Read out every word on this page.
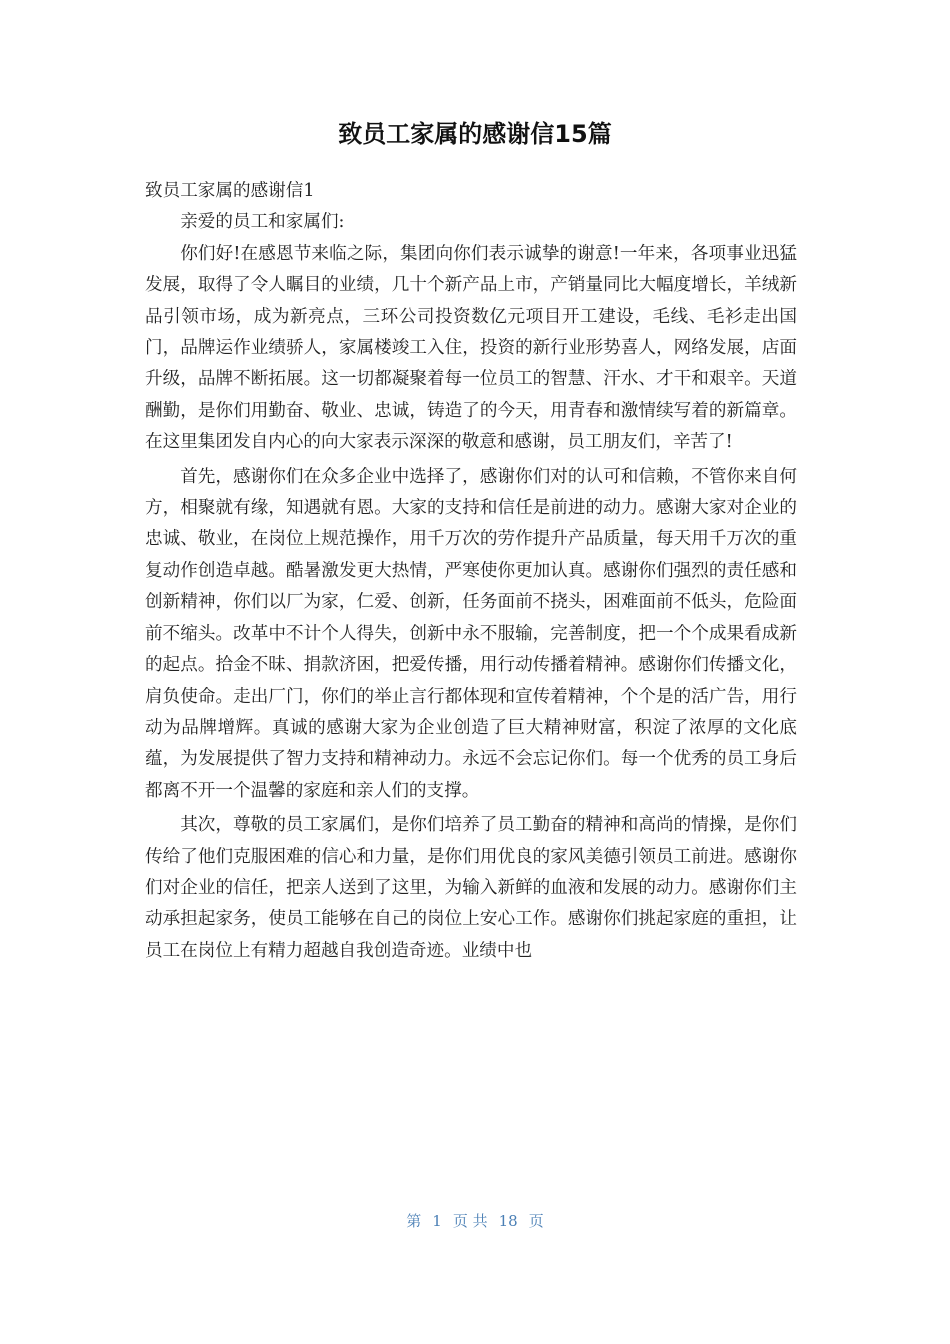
致员工家属的感谢信15篇

致员工家属的感谢信1

亲爱的员工和家属们:

你们好!在感恩节来临之际，集团向你们表示诚挚的谢意!一年来，各项事业迅猛发展，取得了令人瞩目的业绩，几十个新产品上市，产销量同比大幅度增长，羊绒新品引领市场，成为新亮点，三环公司投资数亿元项目开工建设，毛线、毛衫走出国门，品牌运作业绩骄人，家属楼竣工入住，投资的新行业形势喜人，网络发展，店面升级，品牌不断拓展。这一切都凝聚着每一位员工的智慧、汗水、才干和艰辛。天道酬勤，是你们用勤奋、敬业、忠诚，铸造了的今天，用青春和激情续写着的新篇章。在这里集团发自内心的向大家表示深深的敬意和感谢，员工朋友们，辛苦了!

首先，感谢你们在众多企业中选择了，感谢你们对的认可和信赖，不管你来自何方，相聚就有缘，知遇就有恩。大家的支持和信任是前进的动力。感谢大家对企业的忠诚、敬业，在岗位上规范操作，用千万次的劳作提升产品质量，每天用千万次的重复动作创造卓越。酷暑激发更大热情，严寒使你更加认真。感谢你们强烈的责任感和创新精神，你们以厂为家，仁爱、创新，任务面前不挠头，困难面前不低头，危险面前不缩头。改革中不计个人得失，创新中永不服输，完善制度，把一个个成果看成新的起点。拾金不昧、捐款济困，把爱传播，用行动传播着精神。感谢你们传播文化，肩负使命。走出厂门，你们的举止言行都体现和宣传着精神，个个是的活广告，用行动为品牌增辉。真诚的感谢大家为企业创造了巨大精神财富，积淀了浓厚的文化底蕴，为发展提供了智力支持和精神动力。永远不会忘记你们。每一个优秀的员工身后都离不开一个温馨的家庭和亲人们的支撑。

其次，尊敬的员工家属们，是你们培养了员工勤奋的精神和高尚的情操，是你们传给了他们克服困难的信心和力量，是你们用优良的家风美德引领员工前进。感谢你们对企业的信任，把亲人送到了这里，为输入新鲜的血液和发展的动力。感谢你们主动承担起家务，使员工能够在自己的岗位上安心工作。感谢你们挑起家庭的重担，让员工在岗位上有精力超越自我创造奇迹。业绩中也

第 1 页 共 18 页
